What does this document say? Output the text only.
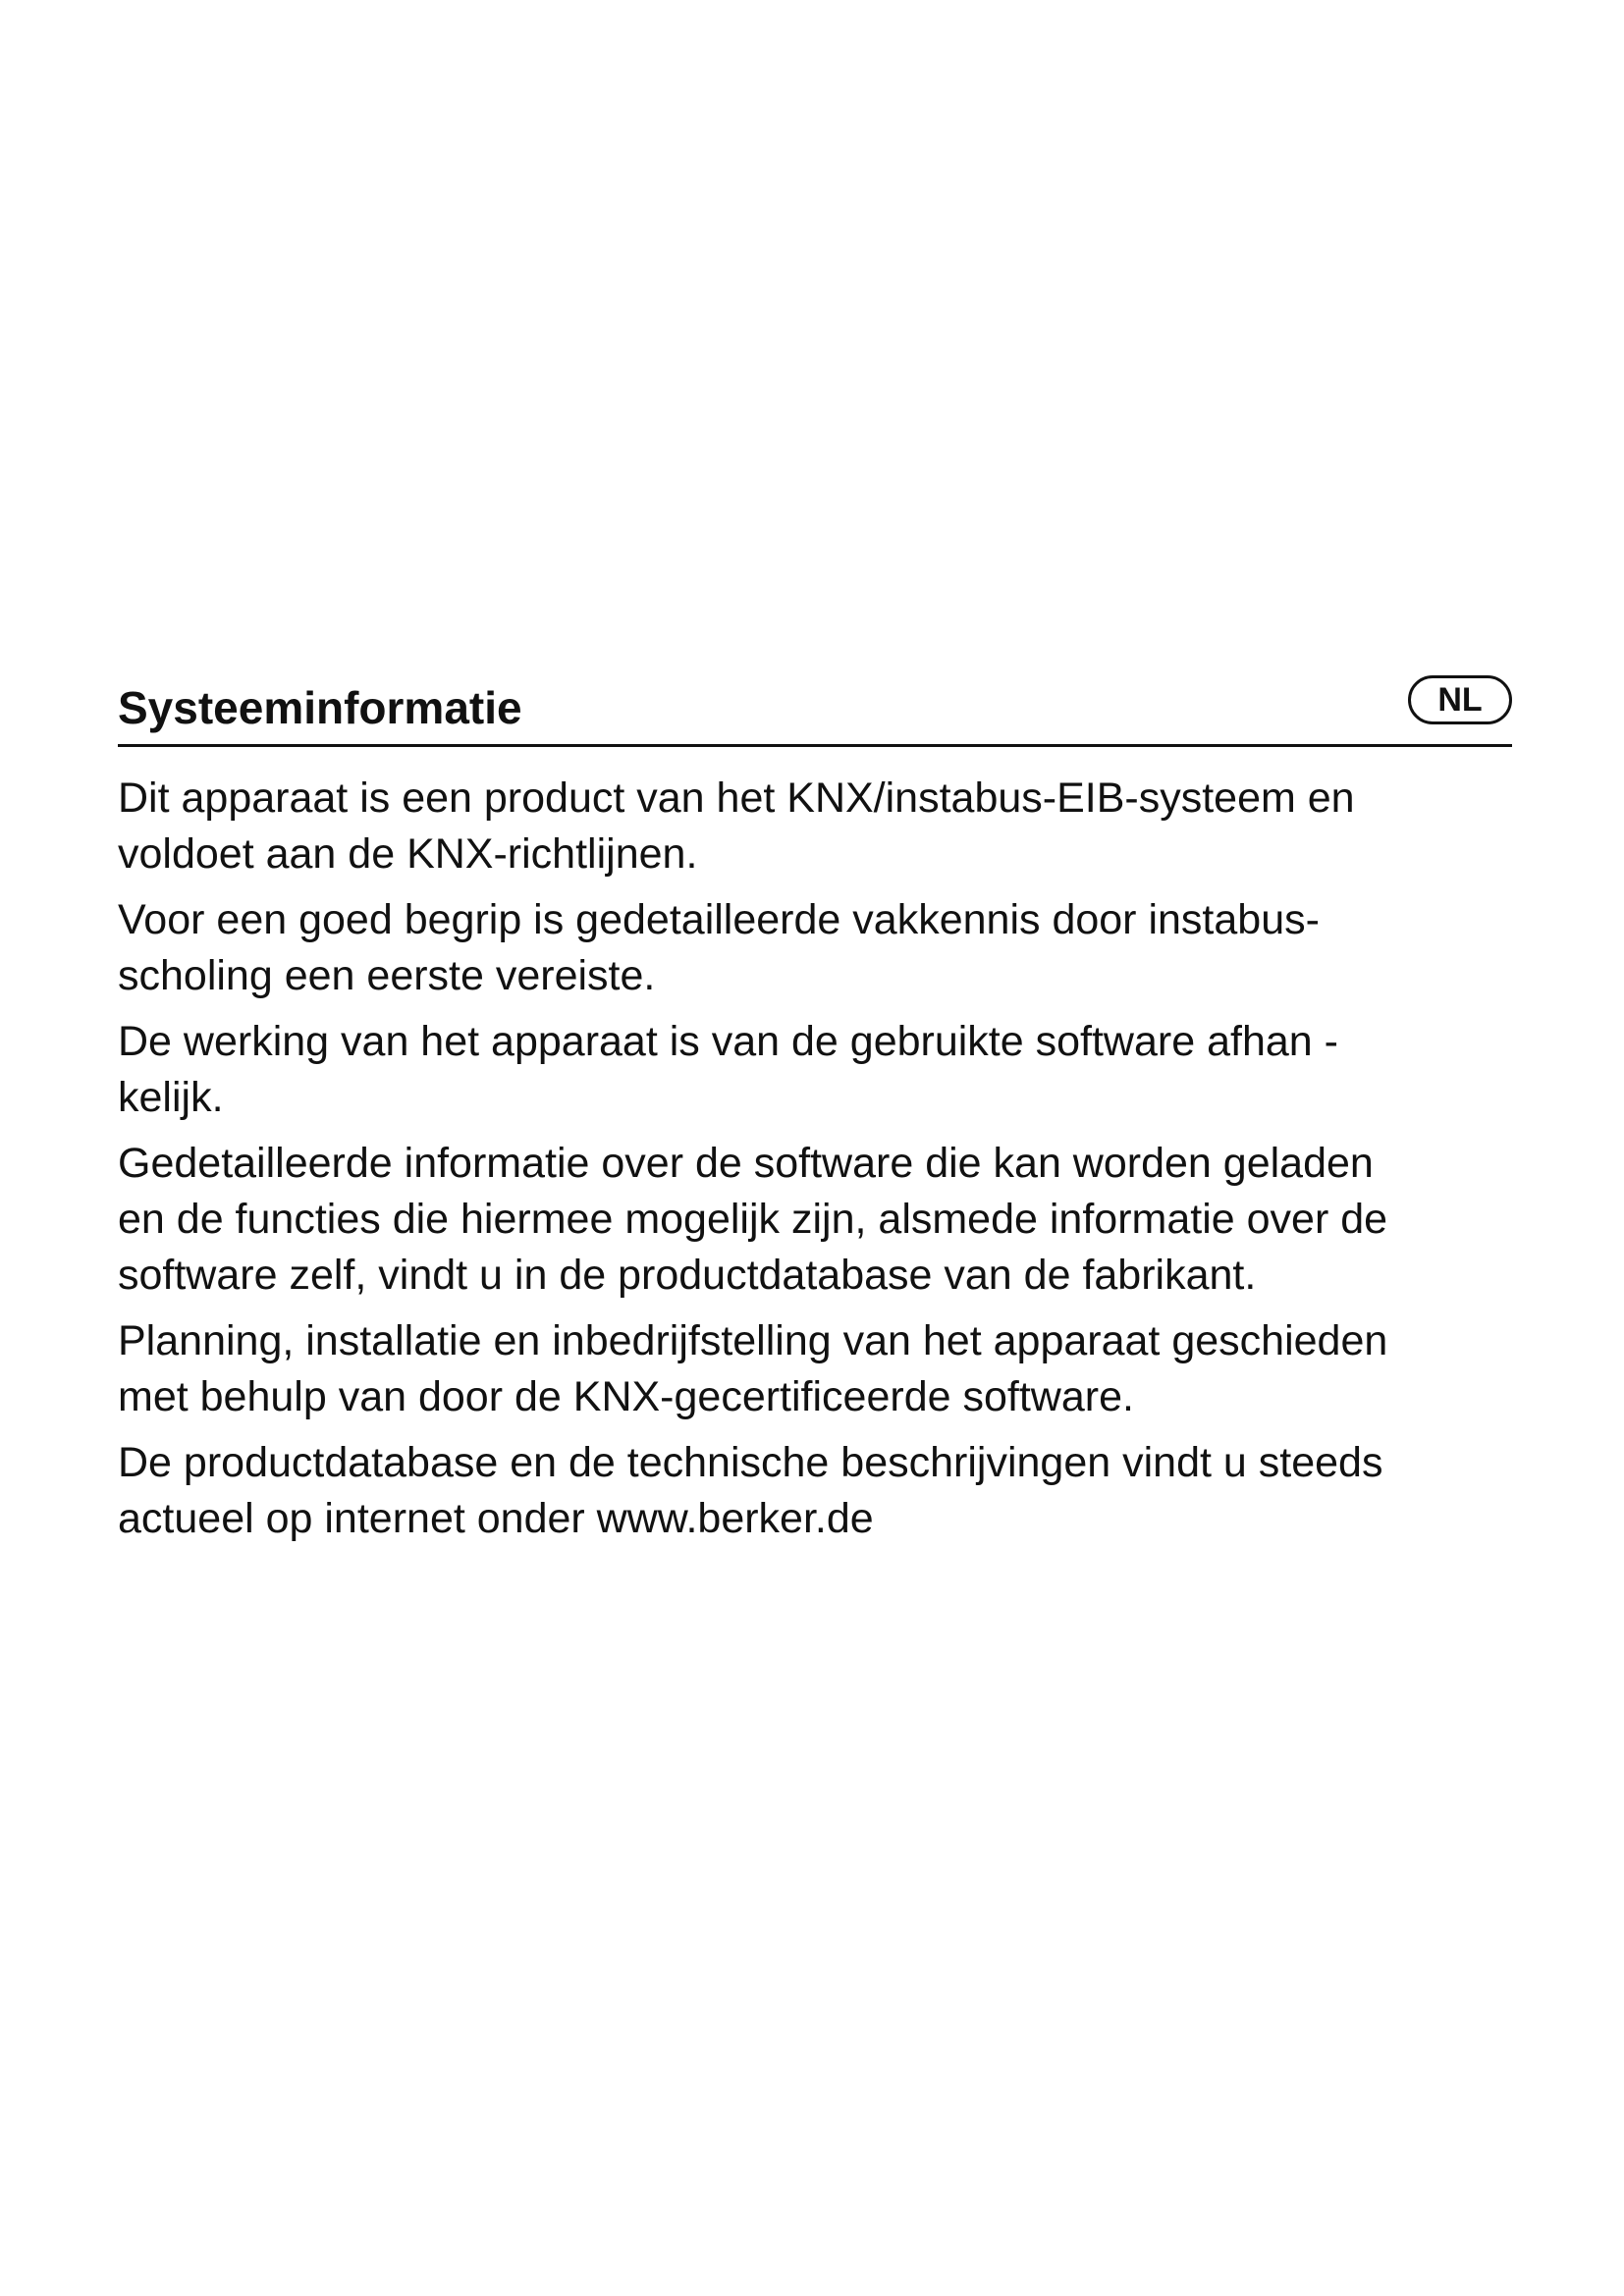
Systeeminformatie	NL

Dit apparaat is een product van het KNX/instabus-EIB-systeem en
voldoet aan de KNX-richtlijnen.

Voor een goed begrip is gedetailleerde vakkennis door instabus-
scholing een eerste vereiste.

De werking van het apparaat is van de gebruikte software afhan -
kelijk.

Gedetailleerde informatie over de software die kan worden geladen
en de functies die hiermee mogelijk zijn, alsmede informatie over de
software zelf, vindt u in de productdatabase van de fabrikant.

Planning, installatie en inbedrijfstelling van het apparaat geschieden
met behulp van door de KNX-gecertificeerde software.

De productdatabase en de technische beschrijvingen vindt u steeds
actueel op internet onder www.berker.de
